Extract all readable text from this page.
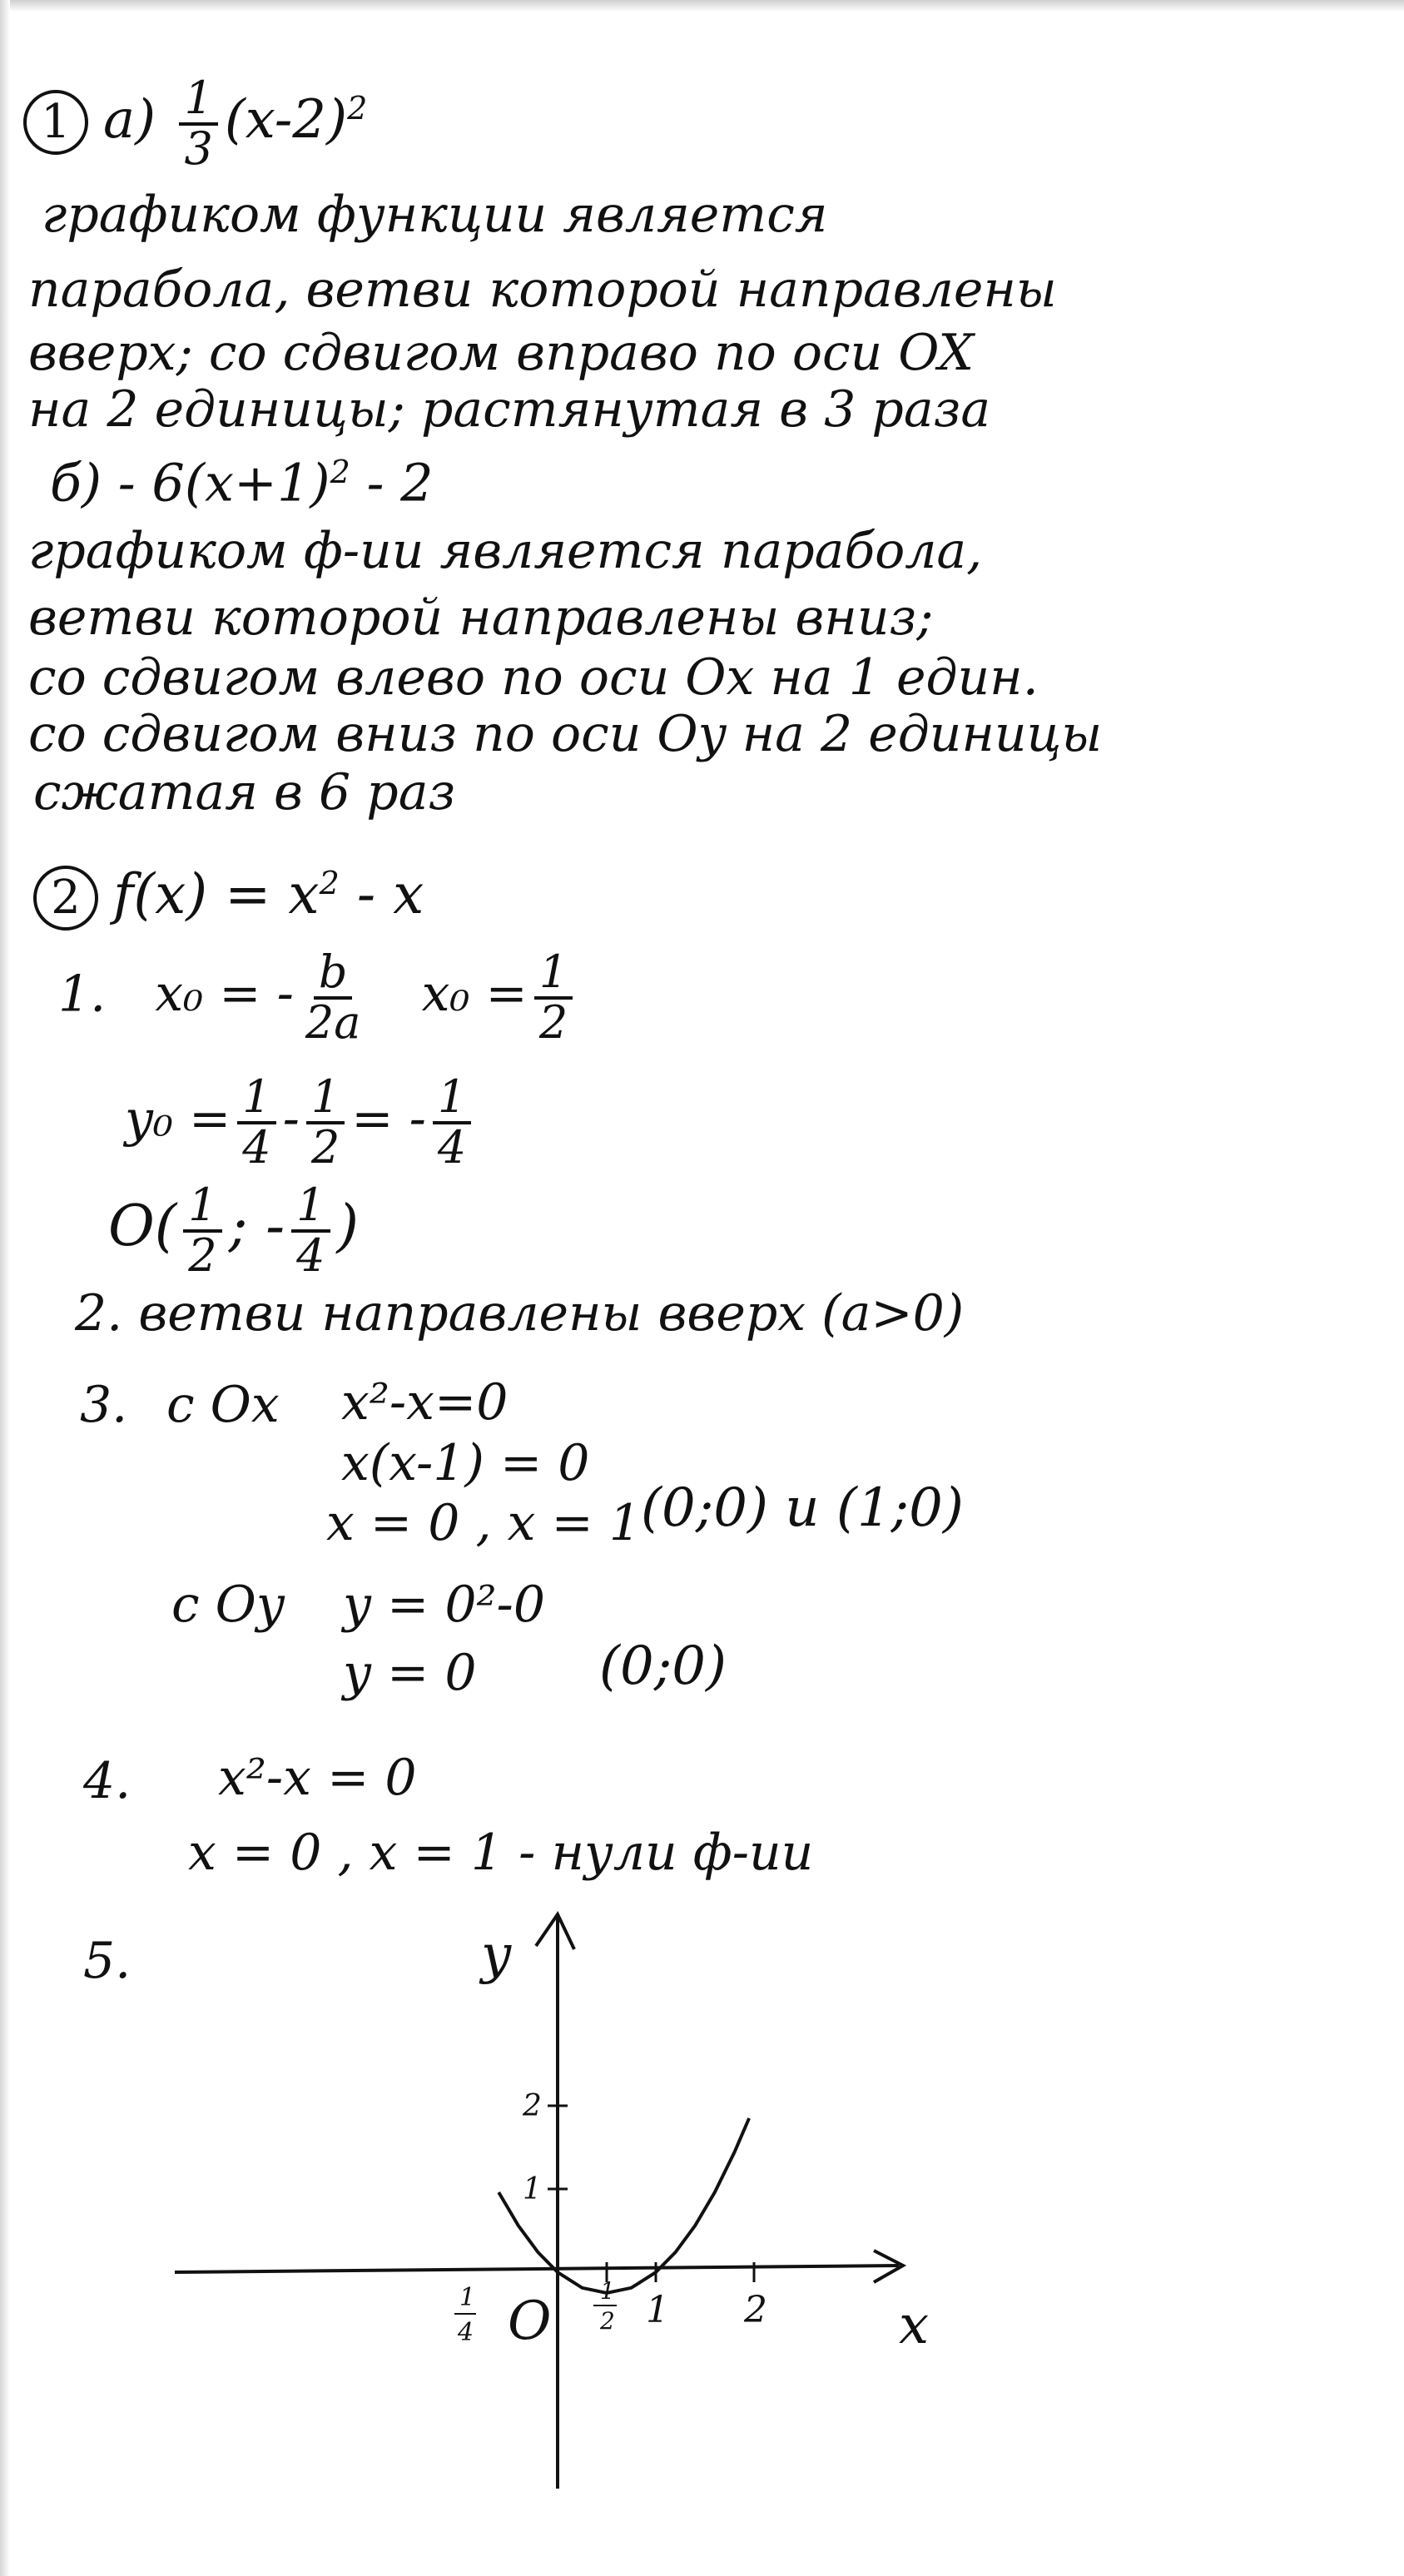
1 $а) \frac{1}{3} (x-2)^2$
графиком функции является
парабола, ветви которой направлены
вверх; со сдвигом вправо по оси OX
на 2 единицы; растянутая в 3 раза
$б) - 6(x+1)^2 - 2$
графиком ф-ии является парабола,
ветви которой направлены вниз;
со сдвигом влево по оси Ox на 1 един.
со сдвигом вниз по оси Oy на 2 единицы
сжатая в 6 раз
2 $f(x) = x^2 - x$
1. x₀ = - $\frac{b}{2a} x_0 = \frac{1}{2}$
$y_0 = \frac{1}{4} - \frac{1}{2}$ = - $\frac{1}{4}$
$O( \frac{1}{2}$ ; - $\frac{1}{4}$ )
2. ветви направлены вверх (a>0)
3. c Ox x²-x=0
x(x-1) = 0
x = 0 , x = 1 (0;0) и (1;0)
c Oy y = 0²-0
y = 0 (0;0)
4. x²-x = 0
x = 0 , x = 1 - нули ф-ии
5.
1
2 1 2
1
2
y
x
O
1
4
